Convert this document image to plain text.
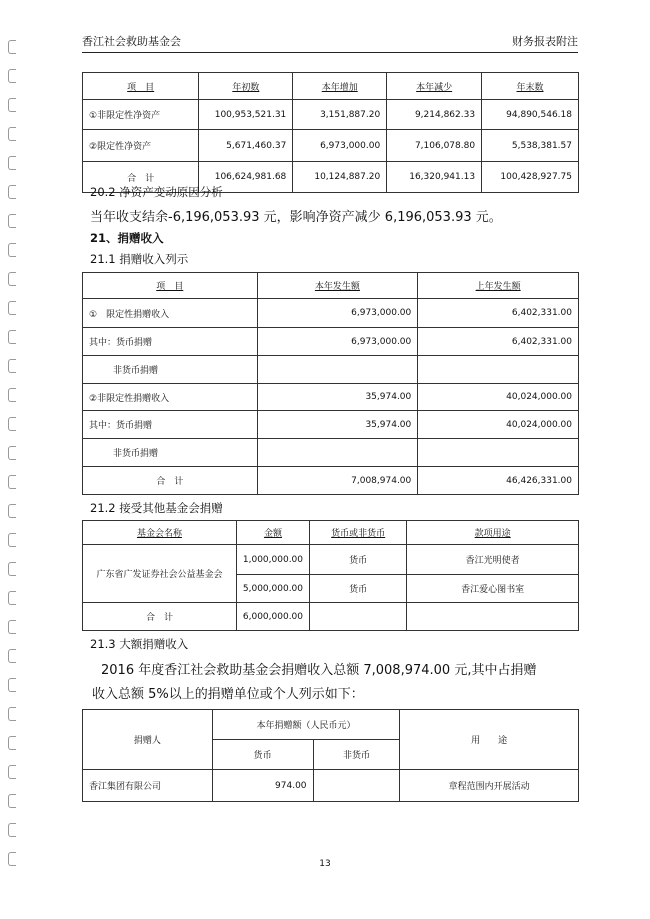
香江社会救助基金会	财务报表附注
项　目	年初数	本年增加	本年减少	年末数
①非限定性净资产	100,953,521.31	3,151,887.20	9,214,862.33	94,890,546.18
②限定性净资产	5,671,460.37	6,973,000.00	7,106,078.80	5,538,381.57
合　计	106,624,981.68	10,124,887.20	16,320,941.13	100,428,927.75
20.2 净资产变动原因分析
当年收支结余-6,196,053.93 元，影响净资产减少 6,196,053.93 元。
21、捐赠收入
21.1 捐赠收入列示
项　目	本年发生额	上年发生额
①　限定性捐赠收入	6,973,000.00	6,402,331.00
其中：货币捐赠	6,973,000.00	6,402,331.00
非货币捐赠		
②非限定性捐赠收入	35,974.00	40,024,000.00
其中：货币捐赠	35,974.00	40,024,000.00
非货币捐赠		
合　计	7,008,974.00	46,426,331.00
21.2 接受其他基金会捐赠
基金会名称	金额	货币或非货币	款项用途
广东省广发证券社会公益基金会	1,000,000.00	货币	香江光明使者
	5,000,000.00	货币	香江爱心图书室
合　计	6,000,000.00		
21.3 大额捐赠收入
2016 年度香江社会救助基金会捐赠收入总额 7,008,974.00 元,其中占捐赠
收入总额 5%以上的捐赠单位或个人列示如下：
捐赠人	本年捐赠额（人民币元）		用　　途
	货币	非货币	
香江集团有限公司	974.00		章程范围内开展活动
13
